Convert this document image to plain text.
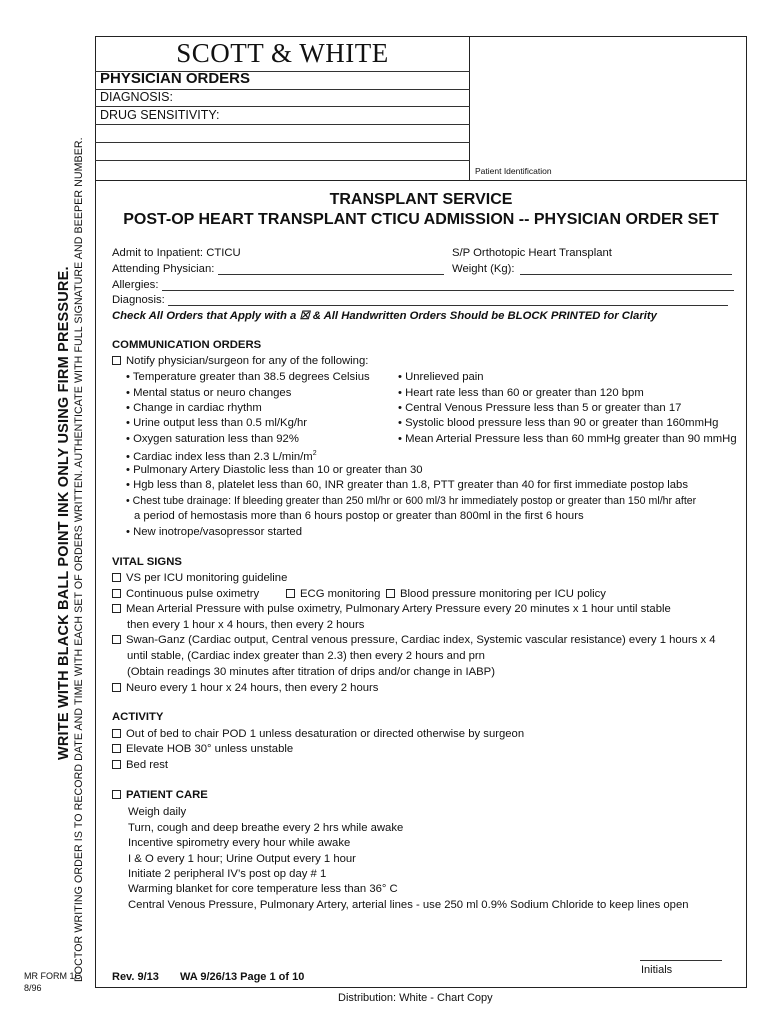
WRITE WITH BLACK BALL POINT INK ONLY USING FIRM PRESSURE. DOCTOR WRITING ORDER IS TO RECORD DATE AND TIME WITH EACH SET OF ORDERS WRITTEN. AUTHENTICATE WITH FULL SIGNATURE AND BEEPER NUMBER.
SCOTT & WHITE
PHYSICIAN ORDERS
DIAGNOSIS:
DRUG SENSITIVITY:
Patient Identification
TRANSPLANT SERVICE
POST-OP HEART TRANSPLANT CTICU ADMISSION -- PHYSICIAN ORDER SET
Admit to Inpatient: CTICU	S/P Orthotopic Heart Transplant
Attending Physician:	Weight (Kg):
Allergies:
Diagnosis:
Check All Orders that Apply with a ☒ & All Handwritten Orders Should be BLOCK PRINTED for Clarity
COMMUNICATION ORDERS
Notify physician/surgeon for any of the following:
• Temperature greater than 38.5 degrees Celsius
• Mental status or neuro changes
• Change in cardiac rhythm
• Urine output less than 0.5 ml/Kg/hr
• Oxygen saturation less than 92%
• Unrelieved pain
• Heart rate less than 60 or greater than 120 bpm
• Central Venous Pressure less than 5 or greater than 17
• Systolic blood pressure less than 90 or greater than 160mmHg
• Mean Arterial Pressure less than 60 mmHg greater than 90 mmHg
• Cardiac index less than 2.3 $L/\min/m^2$
• Pulmonary Artery Diastolic less than 10 or greater than 30
• Hgb less than 8, platelet less than 60, INR greater than 1.8, PTT greater than 40 for first immediate postop labs
• Chest tube drainage: If bleeding greater than 250 ml/hr or 600 ml/3 hr immediately postop or greater than 150 ml/hr after
a period of hemostasis more than 6 hours postop or greater than 800ml in the first 6 hours
• New inotrope/vasopressor started
VITAL SIGNS
VS per ICU monitoring guideline
Continuous pulse oximetry	ECG monitoring	Blood pressure monitoring per ICU policy
Mean Arterial Pressure with pulse oximetry, Pulmonary Artery Pressure every 20 minutes x 1 hour until stable
then every 1 hour x 4 hours, then every 2 hours
Swan-Ganz (Cardiac output, Central venous pressure, Cardiac index, Systemic vascular resistance) every 1 hours x 4
until stable, (Cardiac index greater than 2.3) then every 2 hours and prn
(Obtain readings 30 minutes after titration of drips and/or change in IABP)
Neuro every 1 hour x 24 hours, then every 2 hours
ACTIVITY
Out of bed to chair POD 1 unless desaturation or directed otherwise by surgeon
Elevate HOB 30° unless unstable
Bed rest
PATIENT CARE
Weigh daily
Turn, cough and deep breathe every 2 hrs while awake
Incentive spirometry every hour while awake
I & O every 1 hour; Urine Output every 1 hour
Initiate 2 peripheral IV’s post op day # 1
Warming blanket for core temperature less than 36° C
Central Venous Pressure, Pulmonary Artery, arterial lines - use 250 ml 0.9% Sodium Chloride to keep lines open
Initials
MR FORM 1C
8/96
Rev. 9/13 WA 9/26/13 Page 1 of 10
Distribution: White - Chart Copy
